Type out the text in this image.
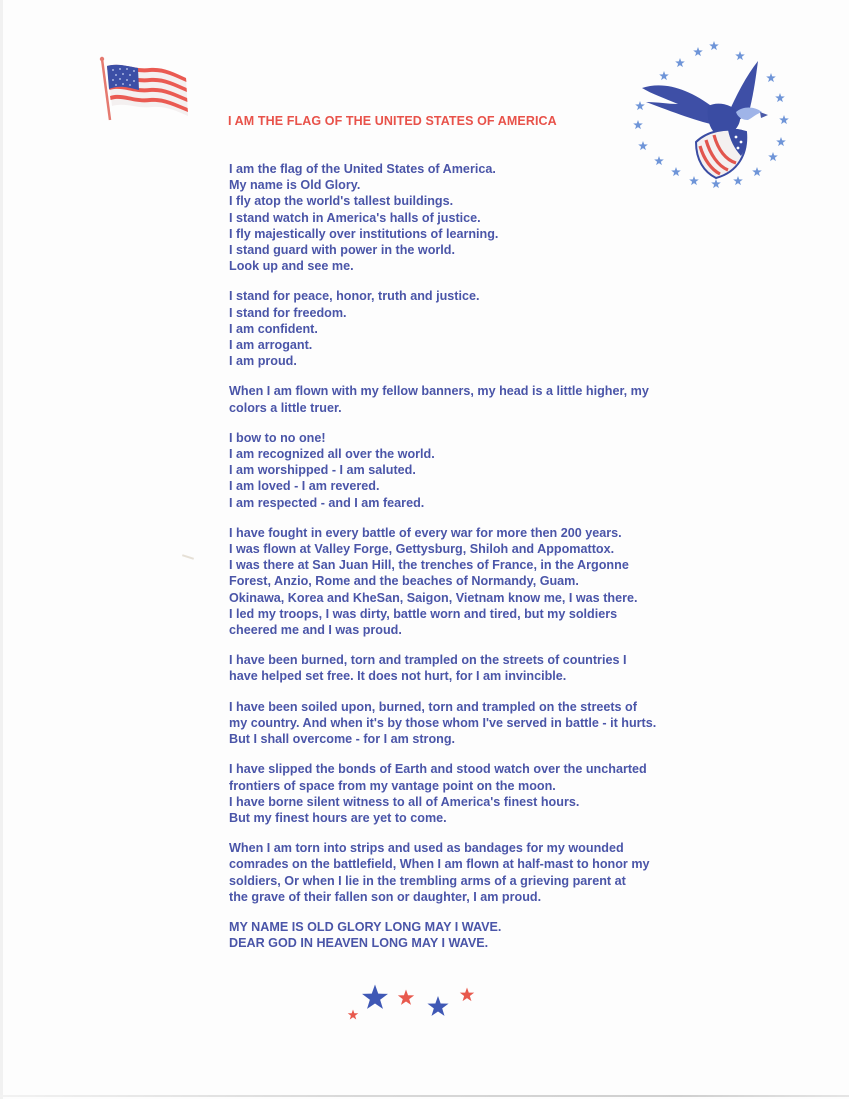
I AM THE FLAG OF THE UNITED STATES OF AMERICA
I am the flag of the United States of America.
My name is Old Glory.
I fly atop the world's tallest buildings.
I stand watch in America's halls of justice.
I fly majestically over institutions of learning.
I stand guard with power in the world.
Look up and see me.
I stand for peace, honor, truth and justice.
I stand for freedom.
I am confident.
I am arrogant.
I am proud.
When I am flown with my fellow banners, my head is a little higher, my
colors a little truer.
I bow to no one!
I am recognized all over the world.
I am worshipped - I am saluted.
I am loved - I am revered.
I am respected - and I am feared.
I have fought in every battle of every war for more then 200 years.
I was flown at Valley Forge, Gettysburg, Shiloh and Appomattox.
I was there at San Juan Hill, the trenches of France, in the Argonne
Forest, Anzio, Rome and the beaches of Normandy, Guam.
Okinawa, Korea and KheSan, Saigon, Vietnam know me, I was there.
I led my troops, I was dirty, battle worn and tired, but my soldiers
cheered me and I was proud.
I have been burned, torn and trampled on the streets of countries I
have helped set free. It does not hurt, for I am invincible.
I have been soiled upon, burned, torn and trampled on the streets of
my country. And when it's by those whom I've served in battle - it hurts.
But I shall overcome - for I am strong.
I have slipped the bonds of Earth and stood watch over the uncharted
frontiers of space from my vantage point on the moon.
I have borne silent witness to all of America's finest hours.
But my finest hours are yet to come.
When I am torn into strips and used as bandages for my wounded
comrades on the battlefield, When I am flown at half-mast to honor my
soldiers, Or when I lie in the trembling arms of a grieving parent at
the grave of their fallen son or daughter, I am proud.
MY NAME IS OLD GLORY LONG MAY I WAVE.
DEAR GOD IN HEAVEN LONG MAY I WAVE.
